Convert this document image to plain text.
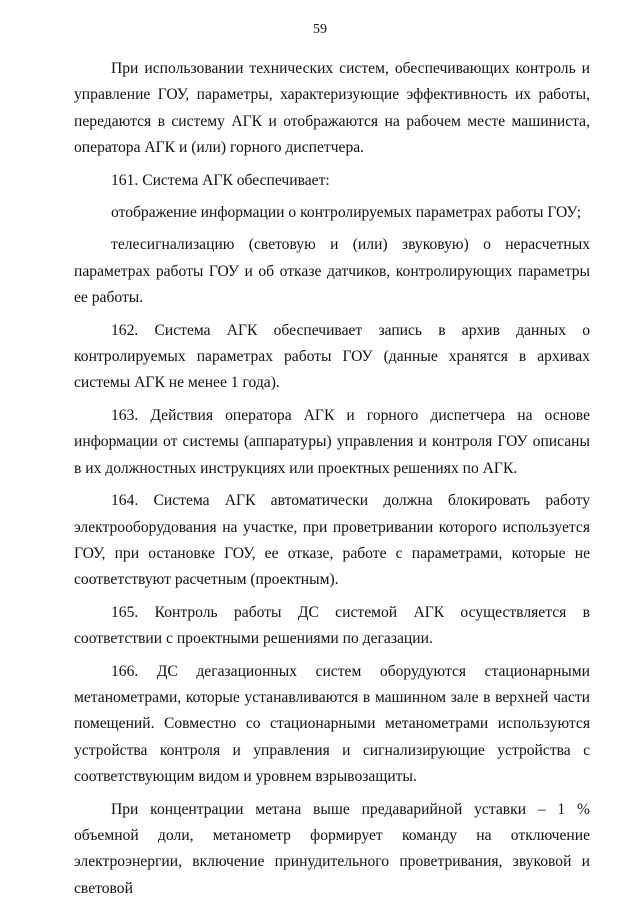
59

При использовании технических систем, обеспечивающих контроль и управление ГОУ, параметры, характеризующие эффективность их работы, передаются в систему АГК и отображаются на рабочем месте машиниста, оператора АГК и (или) горного диспетчера.

161. Система АГК обеспечивает:

отображение информации о контролируемых параметрах работы ГОУ;

телесигнализацию (световую и (или) звуковую) о нерасчетных параметрах работы ГОУ и об отказе датчиков, контролирующих параметры ее работы.

162. Система АГК обеспечивает запись в архив данных о контролируемых параметрах работы ГОУ (данные хранятся в архивах системы АГК не менее 1 года).

163. Действия оператора АГК и горного диспетчера на основе информации от системы (аппаратуры) управления и контроля ГОУ описаны в их должностных инструкциях или проектных решениях по АГК.

164. Система АГК автоматически должна блокировать работу электрооборудования на участке, при проветривании которого используется ГОУ, при остановке ГОУ, ее отказе, работе с параметрами, которые не соответствуют расчетным (проектным).

165. Контроль работы ДС системой АГК осуществляется в соответствии с проектными решениями по дегазации.

166. ДС дегазационных систем оборудуются стационарными метанометрами, которые устанавливаются в машинном зале в верхней части помещений. Совместно со стационарными метанометрами используются устройства контроля и управления и сигнализирующие устройства с соответствующим видом и уровнем взрывозащиты.

При концентрации метана выше предаварийной уставки – 1 % объемной доли, метанометр формирует команду на отключение электроэнергии, включение принудительного проветривания, звуковой и световой
